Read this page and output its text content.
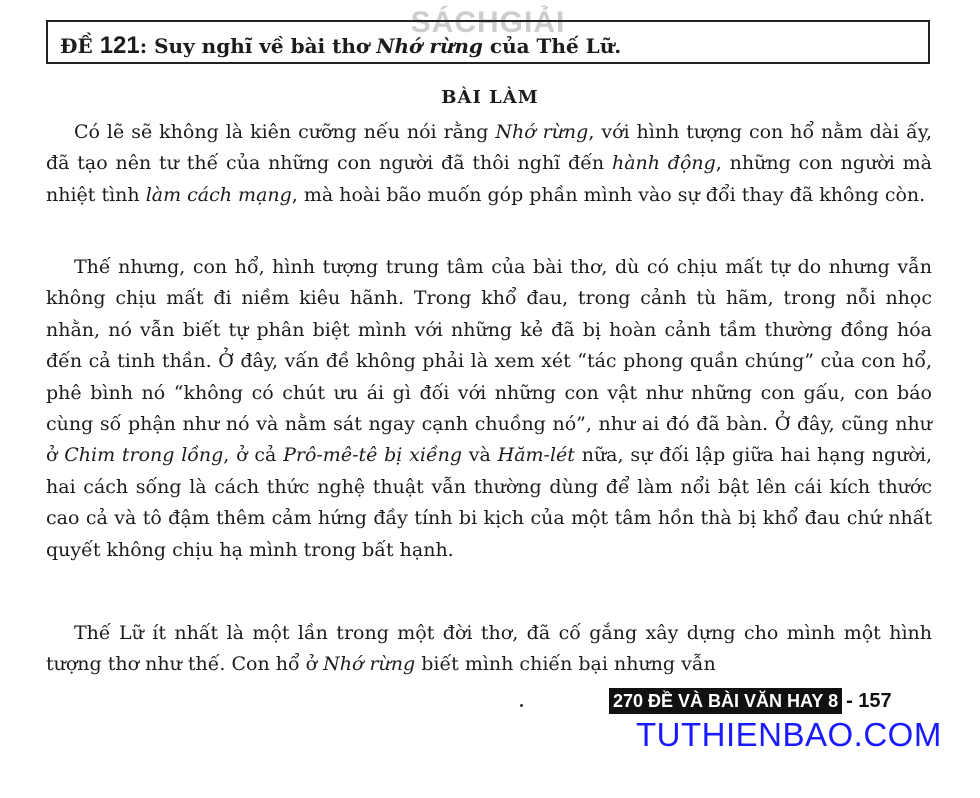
SÁCHGIẢI
ĐỀ 121: Suy nghĩ về bài thơ Nhớ rừng của Thế Lữ.
BÀI LÀM

Có lẽ sẽ không là kiên cưỡng nếu nói rằng Nhớ rừng, với hình tượng con hổ nằm dài ấy, đã tạo nên tư thế của những con người đã thôi nghĩ đến hành động, những con người mà nhiệt tình làm cách mạng, mà hoài bão muốn góp phần mình vào sự đổi thay đã không còn.

Thế nhưng, con hổ, hình tượng trung tâm của bài thơ, dù có chịu mất tự do nhưng vẫn không chịu mất đi niềm kiêu hãnh. Trong khổ đau, trong cảnh tù hãm, trong nỗi nhọc nhằn, nó vẫn biết tự phân biệt mình với những kẻ đã bị hoàn cảnh tầm thường đồng hóa đến cả tinh thần. Ở đây, vấn đề không phải là xem xét “tác phong quần chúng” của con hổ, phê bình nó “không có chút ưu ái gì đối với những con vật như những con gấu, con báo cùng số phận như nó và nằm sát ngay cạnh chuồng nó”, như ai đó đã bàn. Ở đây, cũng như ở Chim trong lồng, ở cả Prô-mê-tê bị xiềng và Hăm-lét nữa, sự đối lập giữa hai hạng người, hai cách sống là cách thức nghệ thuật vẫn thường dùng để làm nổi bật lên cái kích thước cao cả và tô đậm thêm cảm hứng đầy tính bi kịch của một tâm hồn thà bị khổ đau chứ nhất quyết không chịu hạ mình trong bất hạnh.

Thế Lữ ít nhất là một lần trong một đời thơ, đã cố gắng xây dựng cho mình một hình tượng thơ như thế. Con hổ ở Nhớ rừng biết mình chiến bại nhưng vẫn

270 ĐỀ VÀ BÀI VĂN HAY 8 - 157
TUTHIENBAO.COM
